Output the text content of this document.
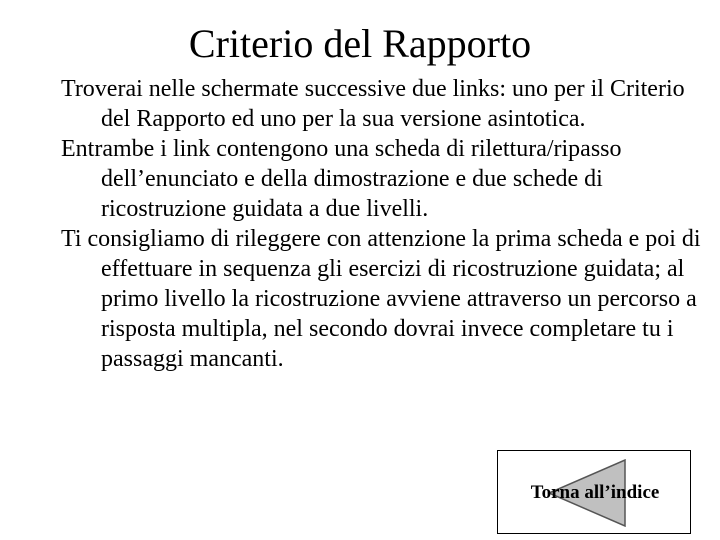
Criterio del Rapporto

Troverai nelle schermate successive due links: uno per il Criterio del Rapporto ed uno per la sua versione asintotica.

Entrambe i link contengono una scheda di rilettura/ripasso dell’enunciato e della dimostrazione e due schede di ricostruzione guidata a due livelli.

Ti consigliamo di rileggere con attenzione la prima scheda e poi di effettuare in sequenza gli esercizi di ricostruzione guidata; al primo livello la ricostruzione avviene attraverso un percorso a risposta multipla, nel secondo dovrai invece completare tu i passaggi mancanti.

Torna all’indice
